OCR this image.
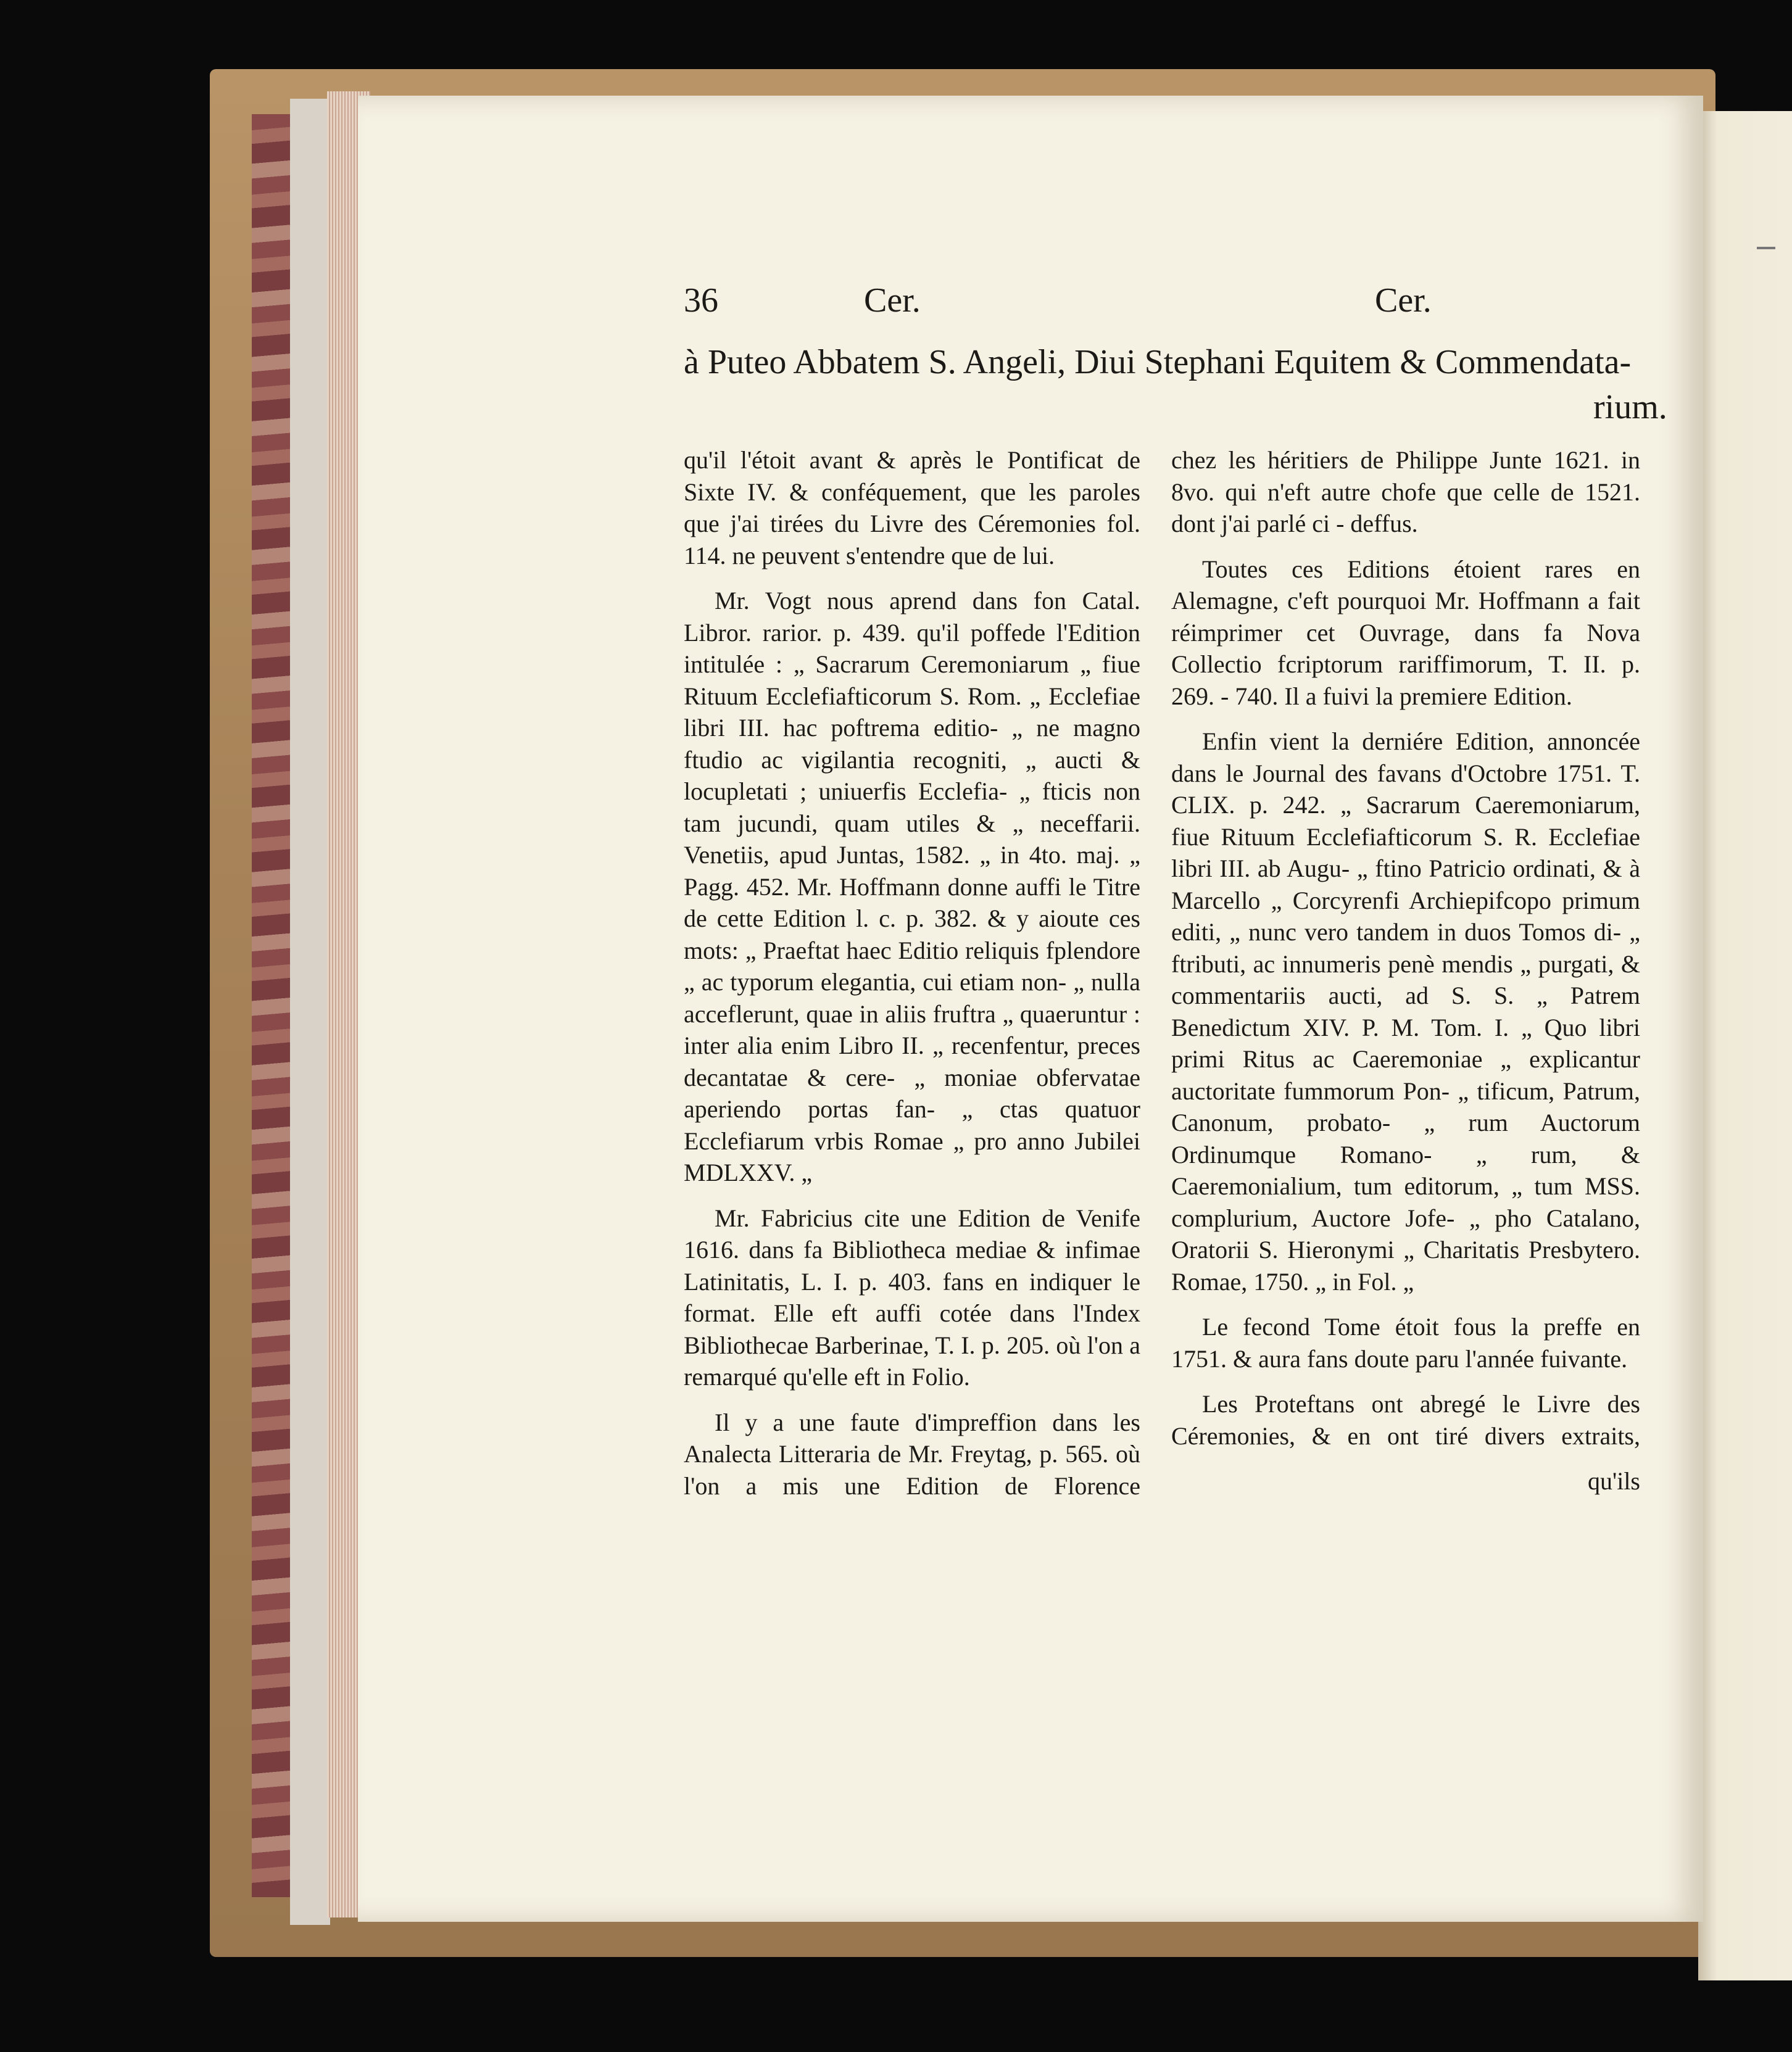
36	Cer.	Cer.
à Puteo Abbatem S. Angeli, Diui Stephani Equitem & Commendata-
rium.

qu'il l'étoit avant & après le Pontificat de Sixte IV. & conféquement, que les paroles que j'ai tirées du Livre des Céremonies fol. 114. ne peuvent s'entendre que de lui.

Mr. Vogt nous aprend dans fon Catal. Libror. rarior. p. 439. qu'il poffede l'Edition intitulée : „ Sacrarum Ceremoniarum „ fiue Rituum Ecclefiafticorum S. Rom. „ Ecclefiae libri III. hac poftrema editio- „ ne magno ftudio ac vigilantia recogniti, „ aucti & locupletati ; uniuerfis Ecclefia- „ fticis non tam jucundi, quam utiles & „ neceffarii. Venetiis, apud Juntas, 1582. „ in 4to. maj. „ Pagg. 452. Mr. Hoffmann donne auffi le Titre de cette Edition l. c. p. 382. & y aioute ces mots: „ Praeftat haec Editio reliquis fplendore „ ac typorum elegantia, cui etiam non- „ nulla acceflerunt, quae in aliis fruftra „ quaeruntur : inter alia enim Libro II. „ recenfentur, preces decantatae & cere- „ moniae obfervatae aperiendo portas fan- „ ctas quatuor Ecclefiarum vrbis Romae „ pro anno Jubilei MDLXXV. „

Mr. Fabricius cite une Edition de Venife 1616. dans fa Bibliotheca mediae & infimae Latinitatis, L. I. p. 403. fans en indiquer le format. Elle eft auffi cotée dans l'Index Bibliothecae Barberinae, T. I. p. 205. où l'on a remarqué qu'elle eft in Folio.

Il y a une faute d'impreffion dans les Analecta Litteraria de Mr. Freytag, p. 565. où l'on a mis une Edition de Florence

chez les héritiers de Philippe Junte 1621. in 8vo. qui n'eft autre chofe que celle de 1521. dont j'ai parlé ci - deffus.

Toutes ces Editions étoient rares en Alemagne, c'eft pourquoi Mr. Hoffmann a fait réimprimer cet Ouvrage, dans fa Nova Collectio fcriptorum rariffimorum, T. II. p. 269. - 740. Il a fuivi la premiere Edition.

Enfin vient la derniére Edition, annoncée dans le Journal des favans d'Octobre 1751. T. CLIX. p. 242. „ Sacrarum Caeremoniarum, fiue Rituum Ecclefiafticorum S. R. Ecclefiae libri III. ab Augu- „ ftino Patricio ordinati, & à Marcello „ Corcyrenfi Archiepifcopo primum editi, „ nunc vero tandem in duos Tomos di- „ ftributi, ac innumeris penè mendis „ purgati, & commentariis aucti, ad S. S. „ Patrem Benedictum XIV. P. M. Tom. I. „ Quo libri primi Ritus ac Caeremoniae „ explicantur auctoritate fummorum Pon- „ tificum, Patrum, Canonum, probato- „ rum Auctorum Ordinumque Romano- „ rum, & Caeremonialium, tum editorum, „ tum MSS. complurium, Auctore Jofe- „ pho Catalano, Oratorii S. Hieronymi „ Charitatis Presbytero. Romae, 1750. „ in Fol. „

Le fecond Tome étoit fous la preffe en 1751. & aura fans doute paru l'année fuivante.

Les Proteftans ont abregé le Livre des Céremonies, & en ont tiré divers extraits,

qu'ils
